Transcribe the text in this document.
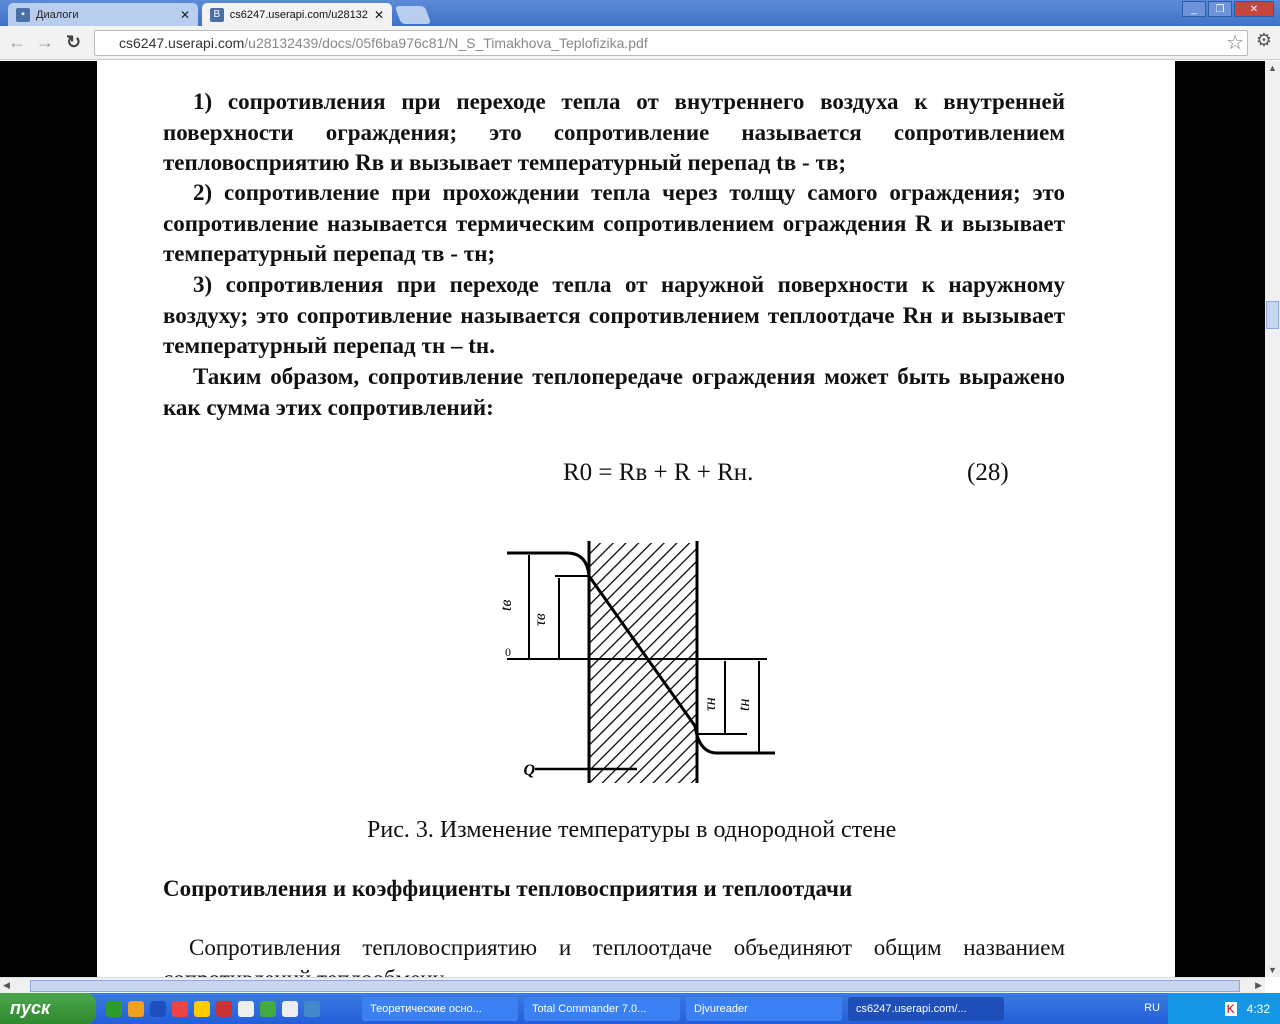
▪	Диалоги	✕	B cs6247.userapi.com/u28132 ✕	_	❐	✕
← → ↻	cs6247.userapi.com /u28132439/docs/05f6ba976c81/N_S_Timakhova_Teplofizika.pdf	☆ ⚙

1) сопротивления при переходе тепла от внутреннего воздуха к внутренней поверхности ограждения; это сопротивление называется сопротивлением тепловосприятию Rв и вызывает температурный перепад tв - τв;

2) сопротивление при прохождении тепла через толщу самого ограждения; это сопротивление называется термическим сопротивлением ограждения R и вызывает температурный перепад τв - τн;

3) сопротивления при переходе тепла от наружной поверхности к наружному воздуху; это сопротивление называется сопротивлением теплоотдаче Rн и вызывает температурный перепад τн – tн.

Таким образом, сопротивление теплопередаче ограждения может быть выражено как сумма этих сопротивлений:

R0 = Rв + R + Rн.	(28)
tв
τв
0
τн tн
Q
Рис. 3. Изменение температуры в однородной стене
Сопротивления и коэффициенты тепловосприятия и теплоотдачи

Сопротивления тепловосприятию и теплоотдаче объединяют общим названием

▲
▼
◀	▶
пуск	Теоретические осно...	Total Commander 7.0...	Djvureader	cs6247.userapi.com/...	RU	K 4:32
